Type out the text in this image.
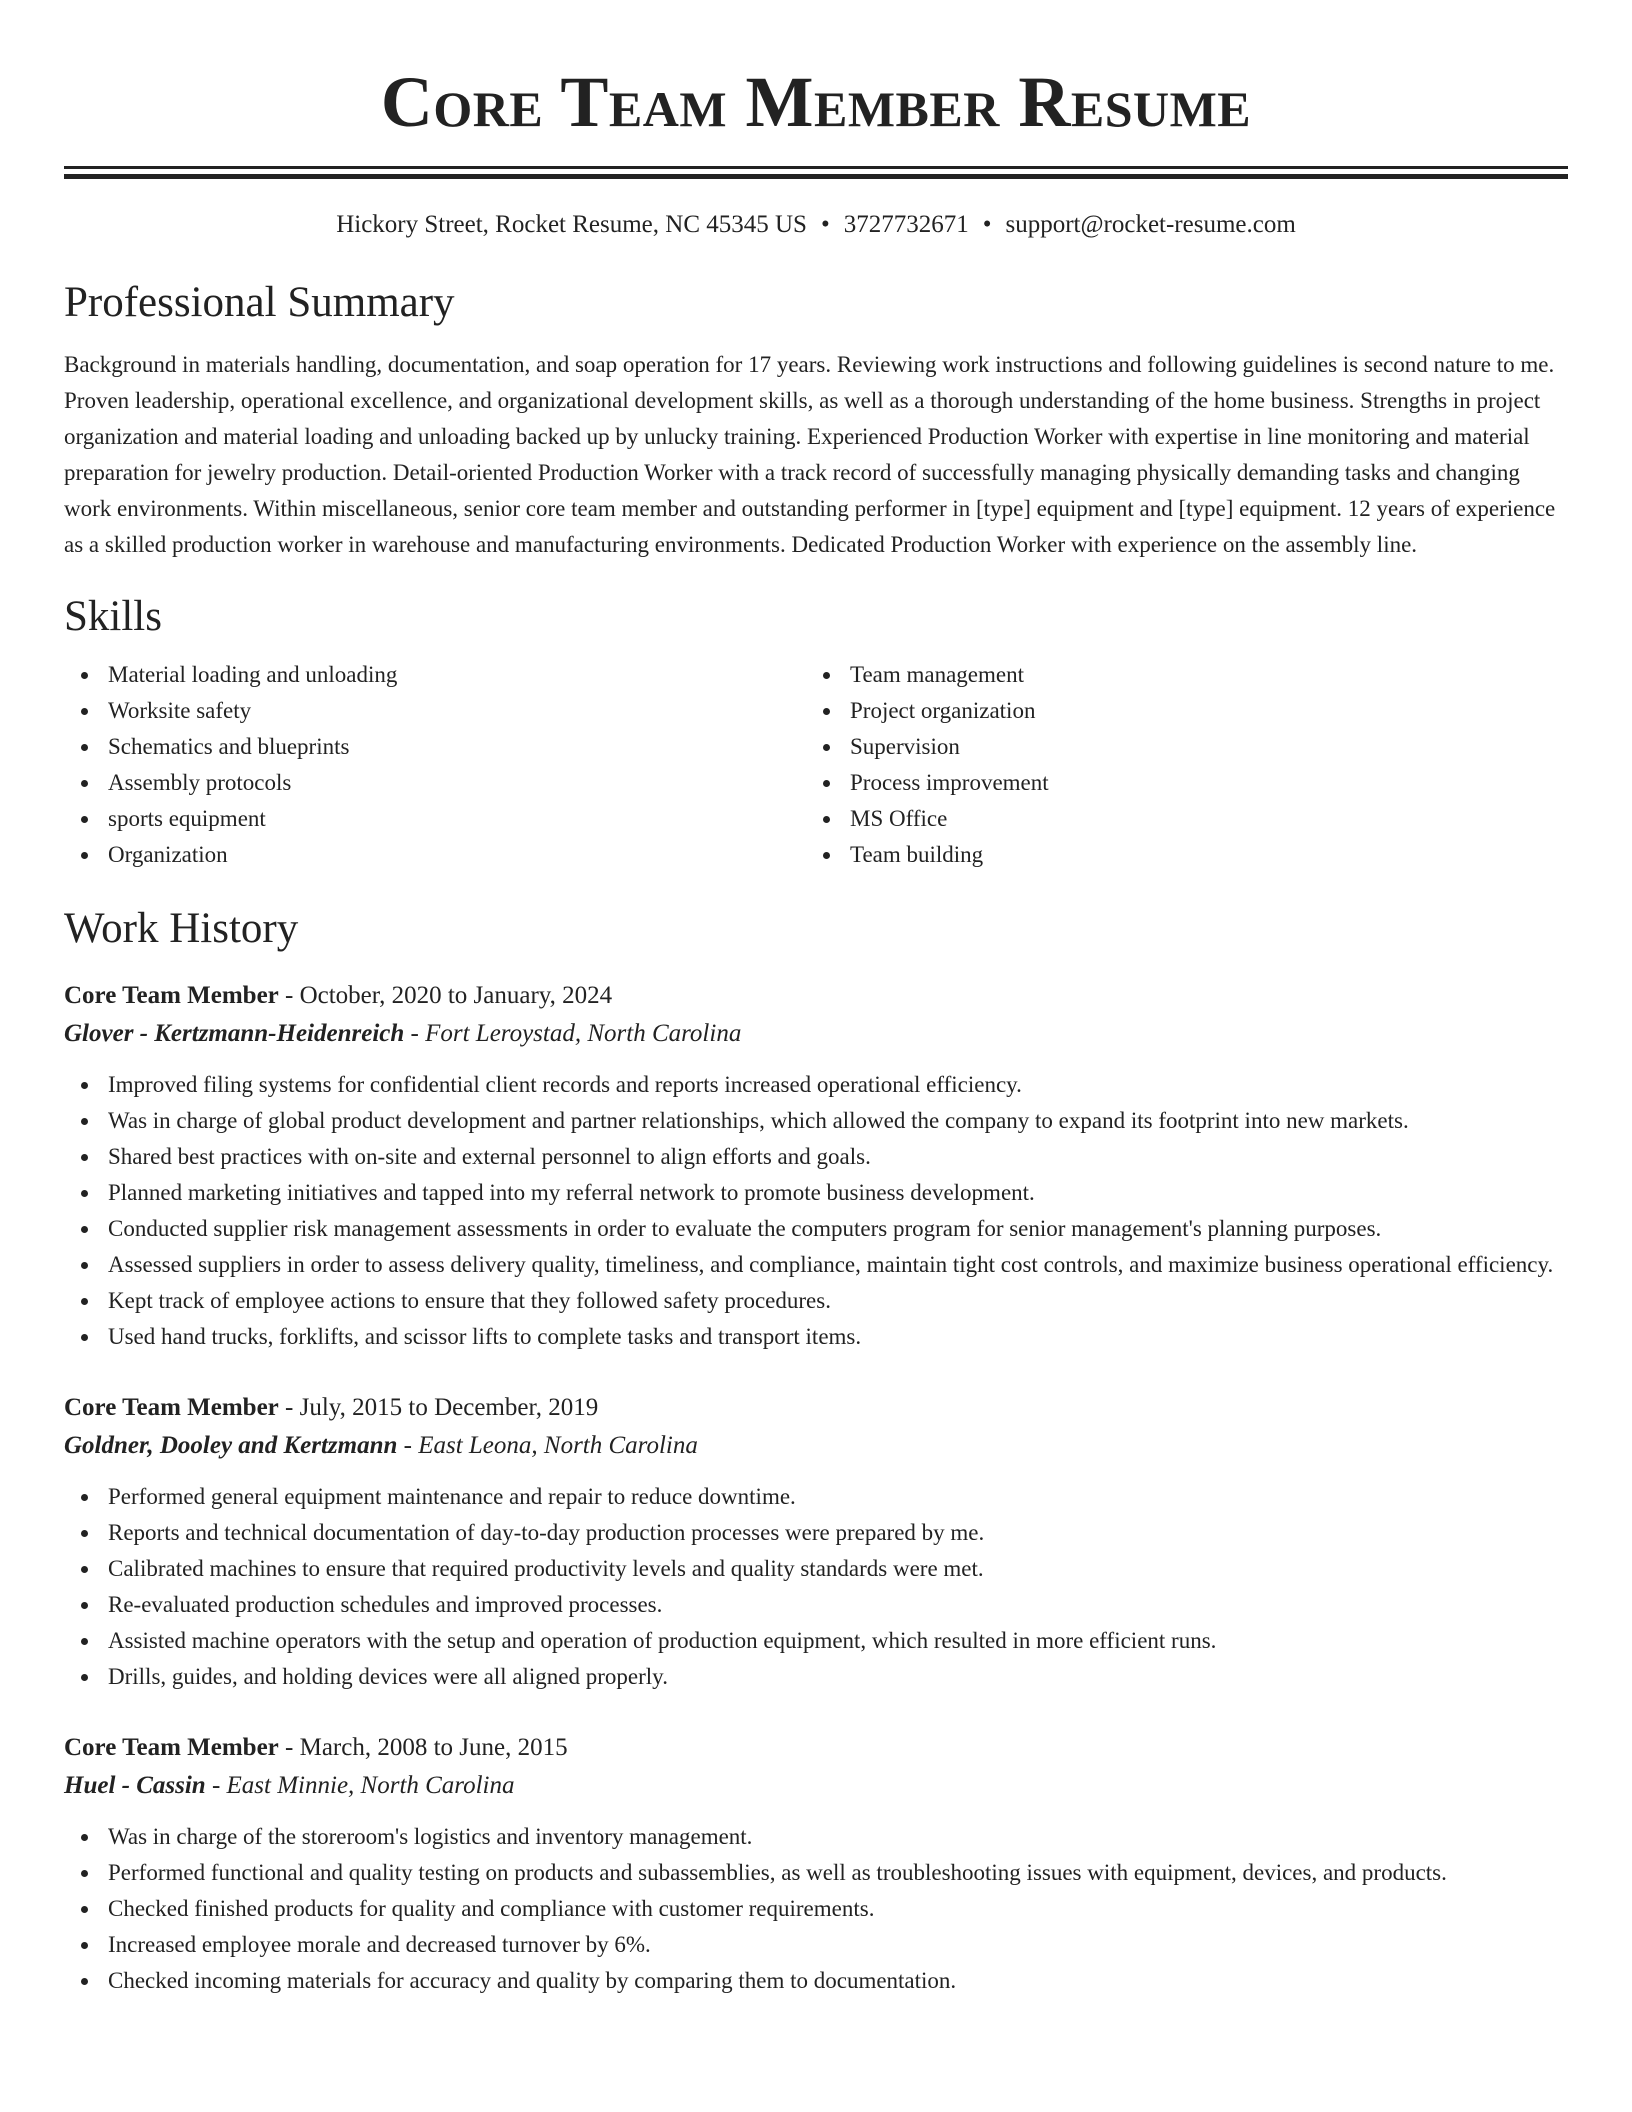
Core Team Member Resume
Hickory Street, Rocket Resume, NC 45345 US • 3727732671 • support@rocket-resume.com
Professional Summary

Background in materials handling, documentation, and soap operation for 17 years. Reviewing work instructions and following guidelines is second nature to me. Proven leadership, operational excellence, and organizational development skills, as well as a thorough understanding of the home business. Strengths in project organization and material loading and unloading backed up by unlucky training. Experienced Production Worker with expertise in line monitoring and material preparation for jewelry production. Detail-oriented Production Worker with a track record of successfully managing physically demanding tasks and changing work environments. Within miscellaneous, senior core team member and outstanding performer in [type] equipment and [type] equipment. 12 years of experience as a skilled production worker in warehouse and manufacturing environments. Dedicated Production Worker with experience on the assembly line.

Skills
Material loading and unloading
Worksite safety
Schematics and blueprints
Assembly protocols
sports equipment
Organization
Team management
Project organization
Supervision
Process improvement
MS Office
Team building
Work History
Core Team Member - October, 2020 to January, 2024
Glover - Kertzmann-Heidenreich - Fort Leroystad, North Carolina
Improved filing systems for confidential client records and reports increased operational efficiency.
Was in charge of global product development and partner relationships, which allowed the company to expand its footprint into new markets.
Shared best practices with on-site and external personnel to align efforts and goals.
Planned marketing initiatives and tapped into my referral network to promote business development.
Conducted supplier risk management assessments in order to evaluate the computers program for senior management's planning purposes.
Assessed suppliers in order to assess delivery quality, timeliness, and compliance, maintain tight cost controls, and maximize business operational efficiency.
Kept track of employee actions to ensure that they followed safety procedures.
Used hand trucks, forklifts, and scissor lifts to complete tasks and transport items.
Core Team Member - July, 2015 to December, 2019
Goldner, Dooley and Kertzmann - East Leona, North Carolina
Performed general equipment maintenance and repair to reduce downtime.
Reports and technical documentation of day-to-day production processes were prepared by me.
Calibrated machines to ensure that required productivity levels and quality standards were met.
Re-evaluated production schedules and improved processes.
Assisted machine operators with the setup and operation of production equipment, which resulted in more efficient runs.
Drills, guides, and holding devices were all aligned properly.
Core Team Member - March, 2008 to June, 2015
Huel - Cassin - East Minnie, North Carolina
Was in charge of the storeroom's logistics and inventory management.
Performed functional and quality testing on products and subassemblies, as well as troubleshooting issues with equipment, devices, and products.
Checked finished products for quality and compliance with customer requirements.
Increased employee morale and decreased turnover by 6%.
Checked incoming materials for accuracy and quality by comparing them to documentation.
